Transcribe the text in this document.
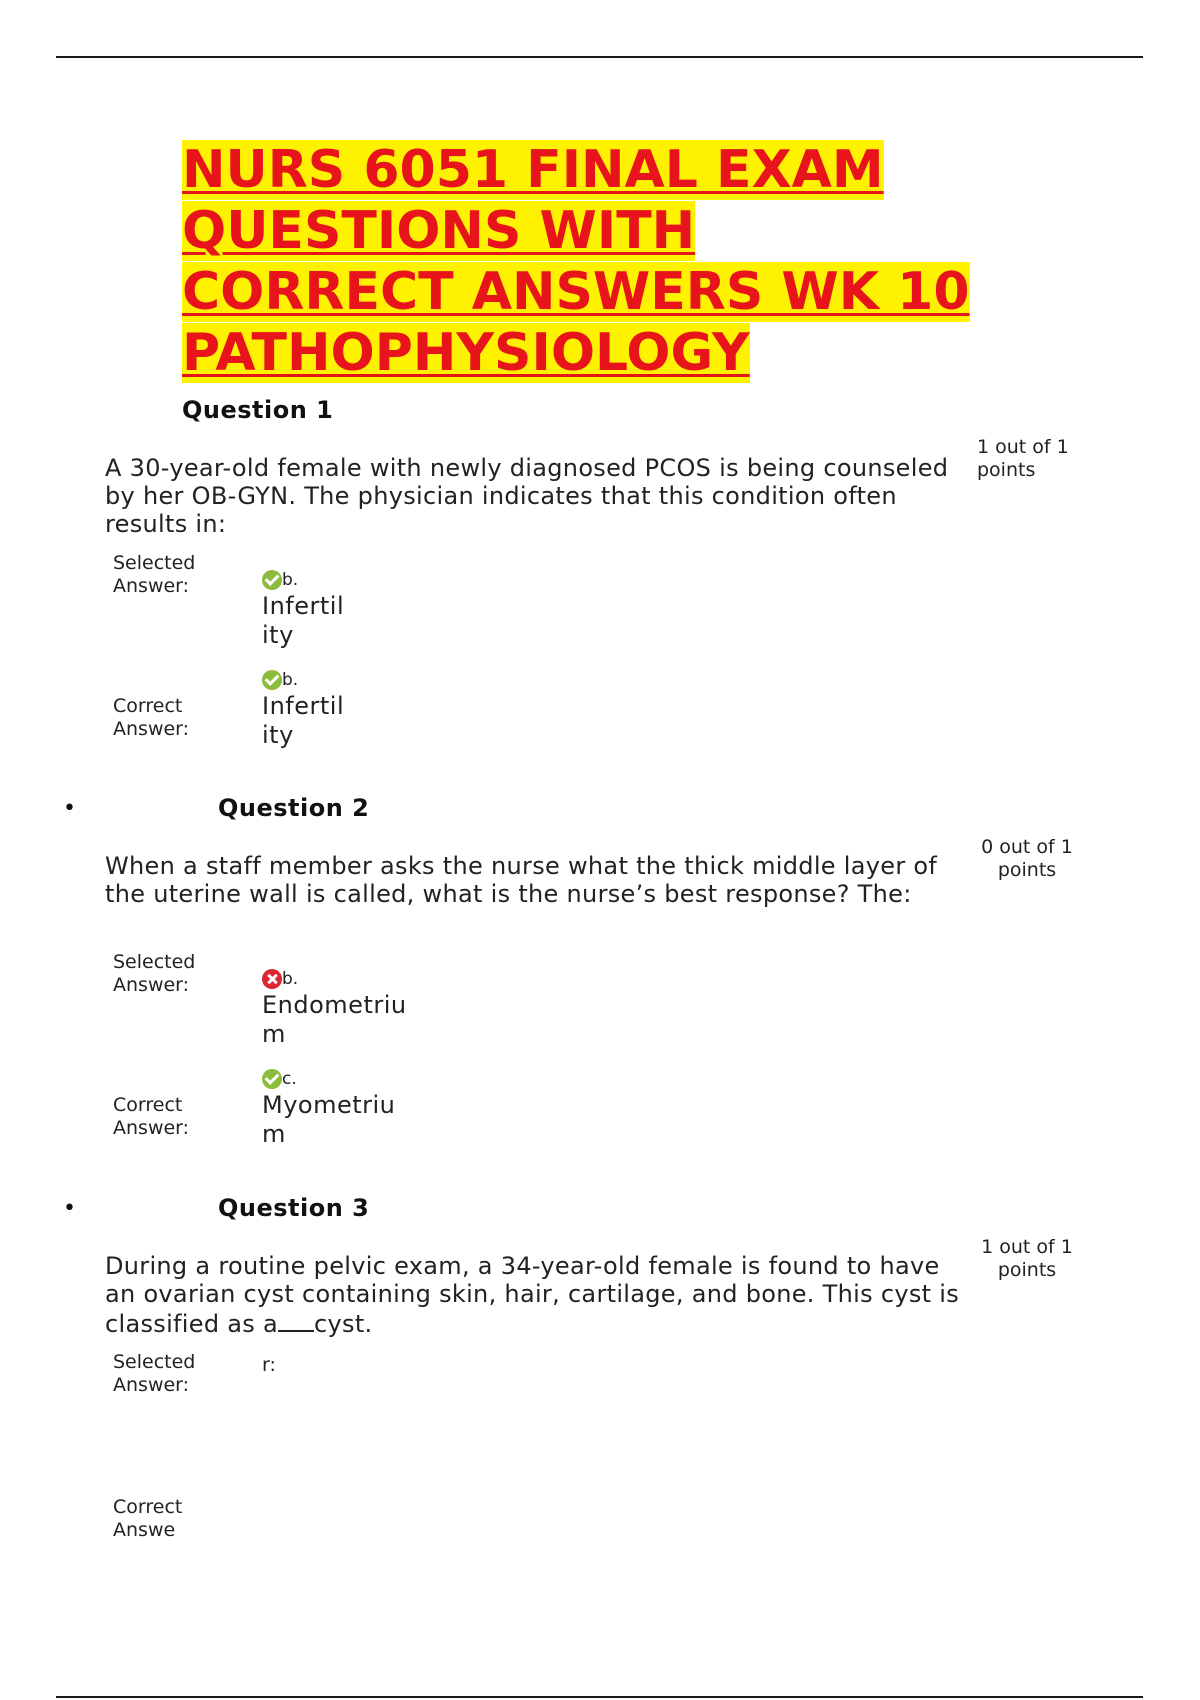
NURS 6051 FINAL EXAM
QUESTIONS WITH
CORRECT ANSWERS WK 10
PATHOPHYSIOLOGY
Question 1
1 out of 1 points

A 30-year-old female with newly diagnosed PCOS is being counseled by her OB-GYN. The physician indicates that this condition often results in:

Selected Answer:	b.
Infertility
Correct Answer:
b.
Infertility
•	Question 2
0 out of 1 points

When a staff member asks the nurse what the thick middle layer of the uterine wall is called, what is the nurse’s best response? The:

Selected Answer:	b.
Endometrium
Correct Answer:
c.
Myometrium
•	Question 3
1 out of 1 points

During a routine pelvic exam, a 34-year-old female is found to have an ovarian cyst containing skin, hair, cartilage, and bone. This cyst is classified as a cyst.

Selected Answer:
r:
Correct Answe
